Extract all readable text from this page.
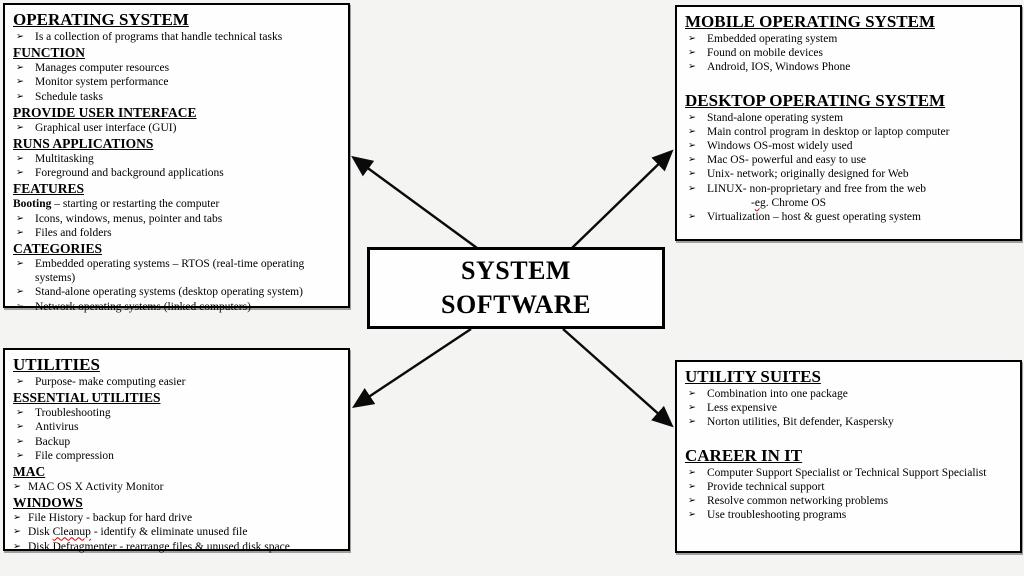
OPERATING SYSTEM
➢ Is a collection of programs that handle technical tasks
FUNCTION
➢ Manages computer resources
➢ Monitor system performance
➢ Schedule tasks
PROVIDE USER INTERFACE
➢ Graphical user interface (GUI)
RUNS APPLICATIONS
➢ Multitasking
➢ Foreground and background applications
FEATURES
Booting – starting or restarting the computer
➢ Icons, windows, menus, pointer and tabs
➢ Files and folders
CATEGORIES
➢ Embedded operating systems – RTOS (real-time operating systems)
➢ Stand-alone operating systems (desktop operating system)
➢ Network operating systems (linked computers)
MOBILE OPERATING SYSTEM
➢ Embedded operating system
➢ Found on mobile devices
➢ Android, IOS, Windows Phone
DESKTOP OPERATING SYSTEM
➢ Stand-alone operating system
➢ Main control program in desktop or laptop computer
➢ Windows OS-most widely used
➢ Mac OS- powerful and easy to use
➢ Unix- network; originally designed for Web
➢ LINUX- non-proprietary and free from the web
-eg. Chrome OS
➢ Virtualization – host & guest operating system
UTILITIES
➢ Purpose- make computing easier
ESSENTIAL UTILITIES
➢ Troubleshooting
➢ Antivirus
➢ Backup
➢ File compression
MAC
➢ MAC OS X Activity Monitor
WINDOWS
➢ File History - backup for hard drive
➢ Disk Cleanup - identify & eliminate unused file
➢ Disk Defragmenter - rearrange files & unused disk space
UTILITY SUITES
➢ Combination into one package
➢ Less expensive
➢ Norton utilities, Bit defender, Kaspersky
CAREER IN IT
➢ Computer Support Specialist or Technical Support Specialist
➢ Provide technical support
➢ Resolve common networking problems
➢ Use troubleshooting programs
SYSTEM
SOFTWARE
